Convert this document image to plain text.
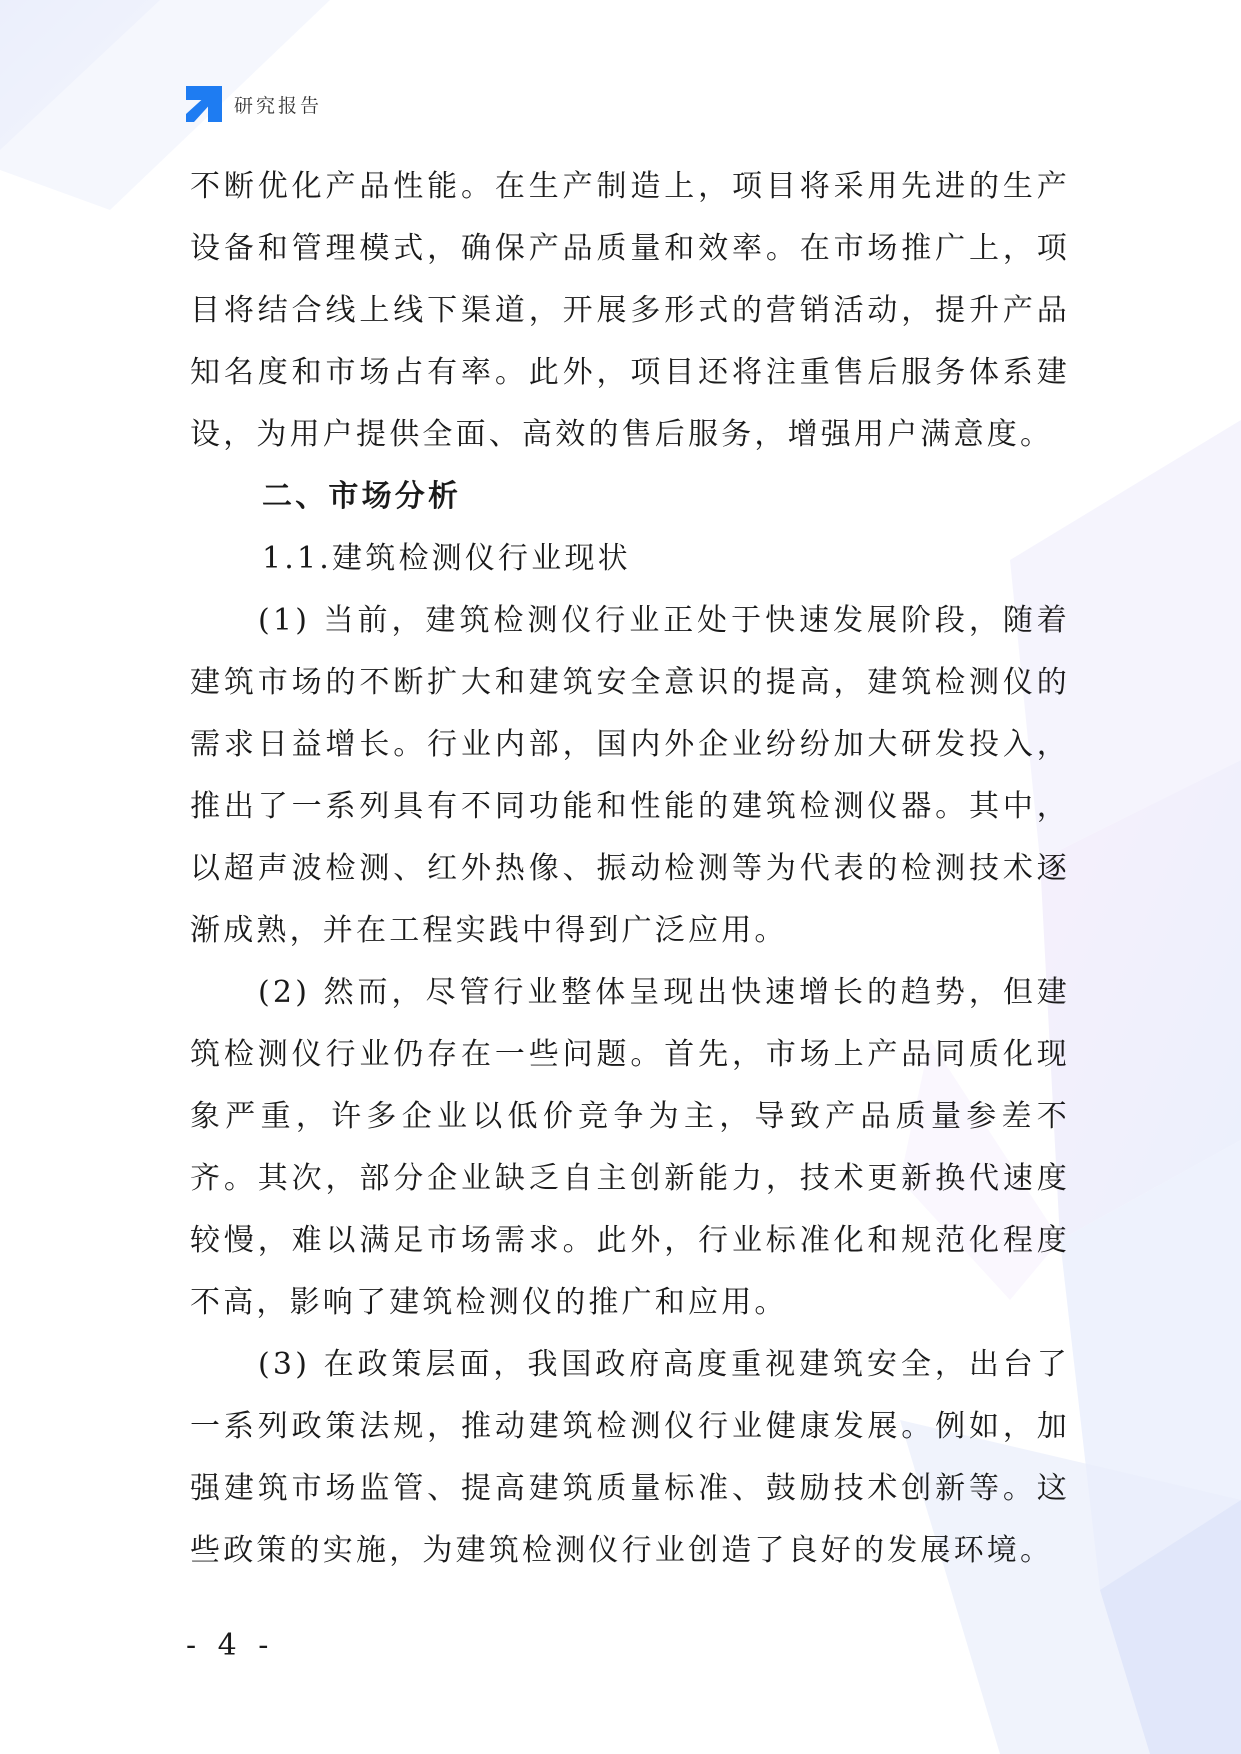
研究报告

不断优化产品性能。在生产制造上，项目将采用先进的生产设备和管理模式，确保产品质量和效率。在市场推广上，项目将结合线上线下渠道，开展多形式的营销活动，提升产品知名度和市场占有率。此外，项目还将注重售后服务体系建设，为用户提供全面、高效的售后服务，增强用户满意度。

二、市场分析

1.1.建筑检测仪行业现状

(1) 当前，建筑检测仪行业正处于快速发展阶段，随着建筑市场的不断扩大和建筑安全意识的提高，建筑检测仪的需求日益增长。行业内部，国内外企业纷纷加大研发投入，推出了一系列具有不同功能和性能的建筑检测仪器。其中，以超声波检测、红外热像、振动检测等为代表的检测技术逐渐成熟，并在工程实践中得到广泛应用。

(2) 然而，尽管行业整体呈现出快速增长的趋势，但建筑检测仪行业仍存在一些问题。首先，市场上产品同质化现象严重，许多企业以低价竞争为主，导致产品质量参差不齐。其次，部分企业缺乏自主创新能力，技术更新换代速度较慢，难以满足市场需求。此外，行业标准化和规范化程度不高，影响了建筑检测仪的推广和应用。

(3) 在政策层面，我国政府高度重视建筑安全，出台了一系列政策法规，推动建筑检测仪行业健康发展。例如，加强建筑市场监管、提高建筑质量标准、鼓励技术创新等。这些政策的实施，为建筑检测仪行业创造了良好的发展环境。

- 4 -
